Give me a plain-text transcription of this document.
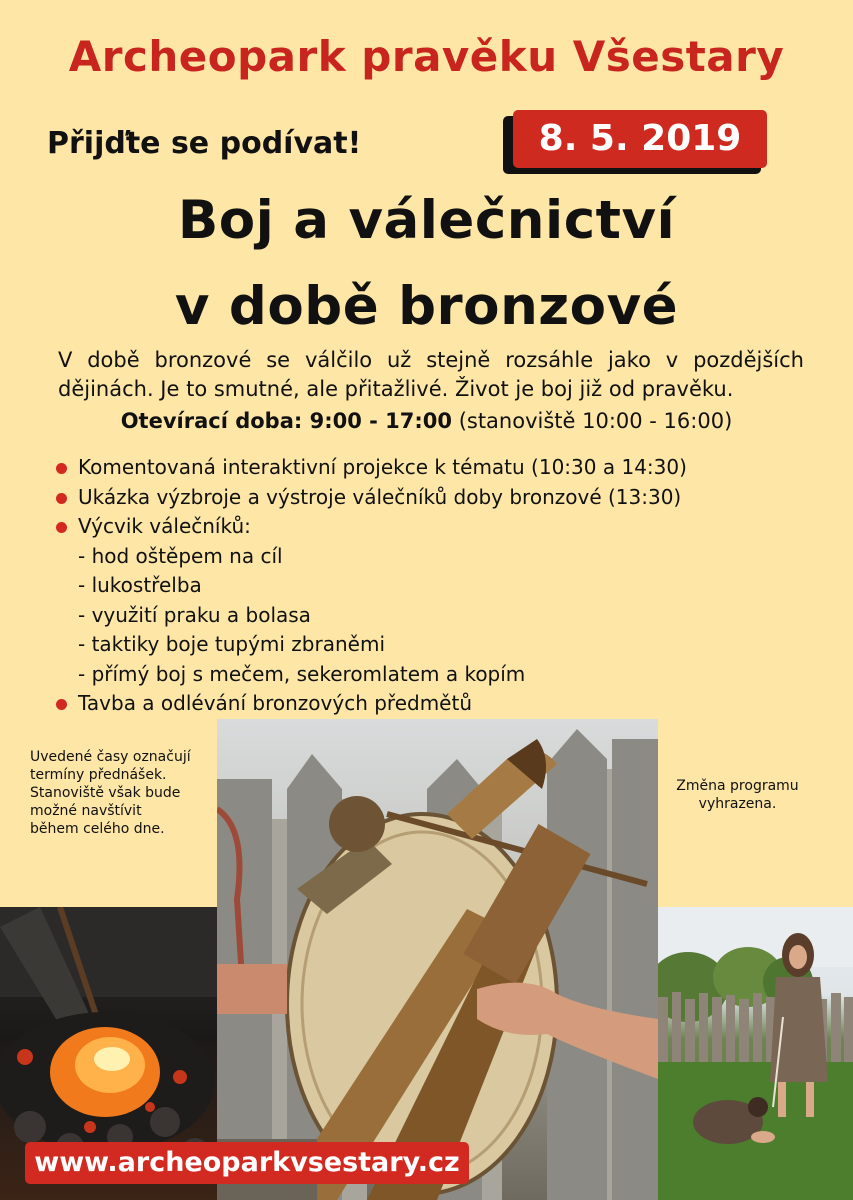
Archeopark pravěku Všestary
Přijďte se podívat!	8. 5. 2019
Boj a válečnictví
v době bronzové

V době bronzové se válčilo už stejně rozsáhle jako v pozdějších dějinách. Je to smutné, ale přitažlivé. Život je boj již od pravěku.

Otevírací doba: 9:00 - 17:00 (stanoviště 10:00 - 16:00)
Komentovaná interaktivní projekce k tématu (10:30 a 14:30)
Ukázka výzbroje a výstroje válečníků doby bronzové (13:30)
Výcvik válečníků:
- hod oštěpem na cíl
- lukostřelba
- využití praku a bolasa
- taktiky boje tupými zbraněmi
- přímý boj s mečem, sekeromlatem a kopím
Tavba a odlévání bronzových předmětů
Uvedené časy označují
termíny přednášek.
Stanoviště však bude
možné navštívit
během celého dne.
Změna programu
vyhrazena.
www.archeoparkvsestary.cz
